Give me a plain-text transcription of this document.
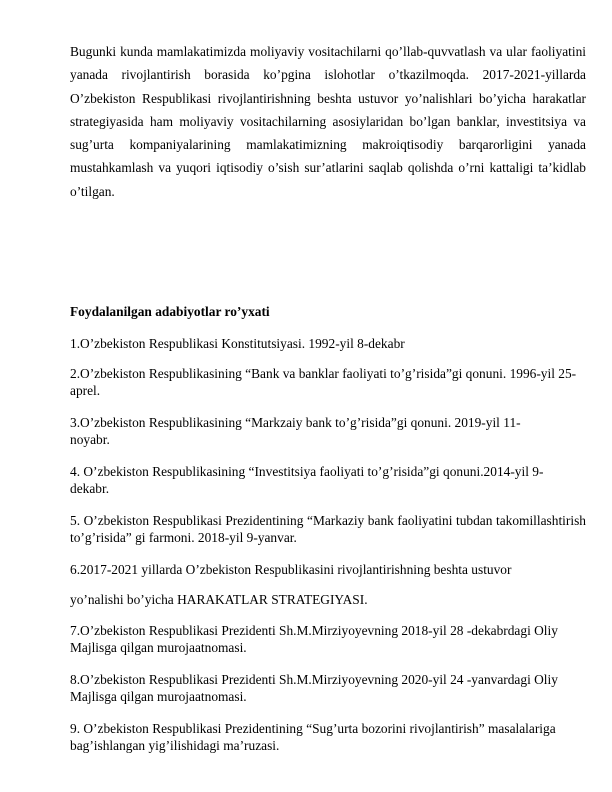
Bugunki kunda mamlakatimizda moliyaviy vositachilarni qo’llab-quvvatlash va ular faoliyatini yanada rivojlantirish borasida ko’pgina islohotlar o’tkazilmoqda. 2017-2021-yillarda O’zbekiston Respublikasi rivojlantirishning beshta ustuvor yo’nalishlari bo’yicha harakatlar strategiyasida ham moliyaviy vositachilarning asosiylaridan bo’lgan banklar, investitsiya va sug’urta kompaniyalarining mamlakatimizning makroiqtisodiy barqarorligini yanada mustahkamlash va yuqori iqtisodiy o’sish sur’atlarini saqlab qolishda o’rni kattaligi ta’kidlab o’tilgan.

Foydalanilgan adabiyotlar ro’yxati

1.O’zbekiston Respublikasi Konstitutsiyasi. 1992-yil 8-dekabr

2.O’zbekiston Respublikasining “Bank va banklar faoliyati to’g’risida”gi qonuni. 1996-yil 25-aprel.

3.O’zbekiston Respublikasining “Markzaiy bank to’g’risida”gi qonuni. 2019-yil 11-noyabr.

4. O’zbekiston Respublikasining “Investitsiya faoliyati to’g’risida”gi qonuni.2014-yil 9-dekabr.

5. O’zbekiston Respublikasi Prezidentining “Markaziy bank faoliyatini tubdan takomillashtirish to’g’risida” gi farmoni. 2018-yil 9-yanvar.

6.2017-2021 yillarda O’zbekiston Respublikasini rivojlantirishning beshta ustuvor

yo’nalishi bo’yicha HARAKATLAR STRATEGIYASI.

7.O’zbekiston Respublikasi Prezidenti Sh.M.Mirziyoyevning 2018-yil 28 -dekabrdagi Oliy Majlisga qilgan murojaatnomasi.

8.O’zbekiston Respublikasi Prezidenti Sh.M.Mirziyoyevning 2020-yil 24 -yanvardagi Oliy Majlisga qilgan murojaatnomasi.

9. O’zbekiston Respublikasi Prezidentining “Sug’urta bozorini rivojlantirish” masalalariga bag’ishlangan yig’ilishidagi ma’ruzasi.
